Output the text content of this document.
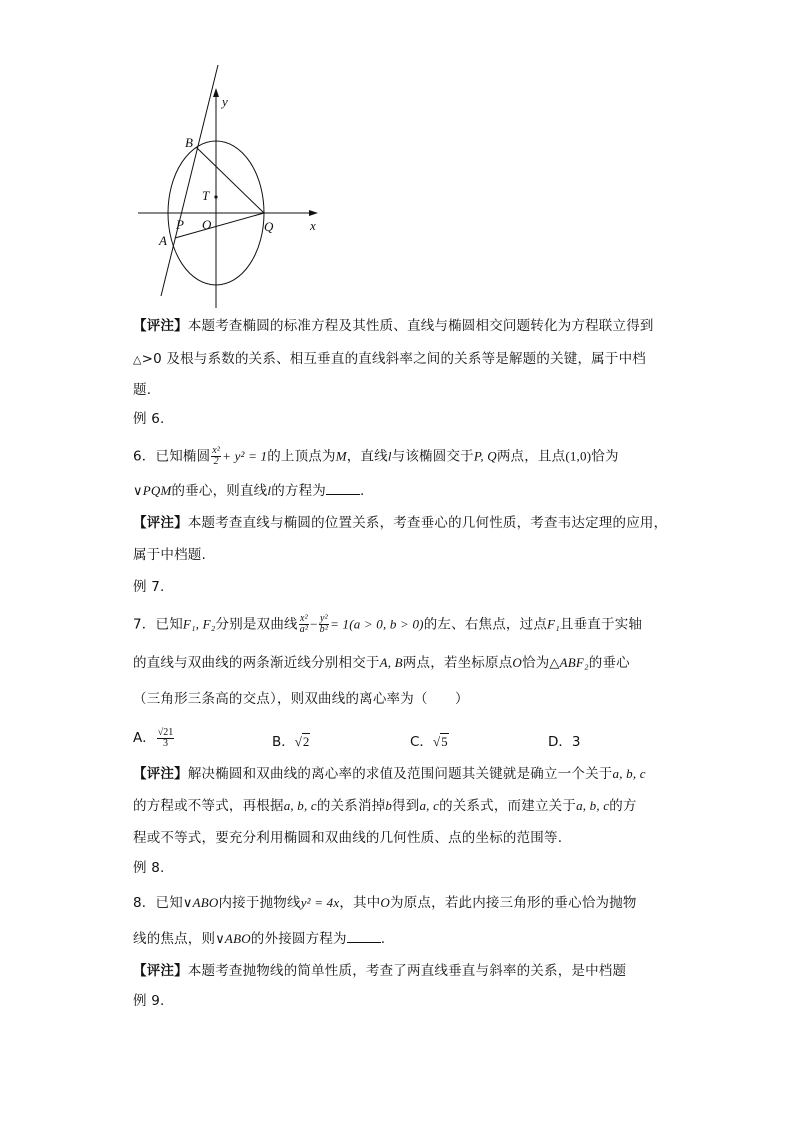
y
x
B
T
P O	Q
A
【评注】本题考查椭圆的标准方程及其性质、直线与椭圆相交问题转化为方程联立得到
△>0 及根与系数的关系、相互垂直的直线斜率之间的关系等是解题的关键，属于中档
题.
例 6.
6．已知椭圆 $\frac{\text{x²}}{2} + y^2 = 1$的上顶点为M，直线l与该椭圆交于P, Q两点，且点(1,0)恰为
∨PQM的垂心，则直线l的方程为	.
【评注】本题考查直线与椭圆的位置关系，考查垂心的几何性质，考查韦达定理的应用，
属于中档题.
例 7.
7．已知F₁, F₂分别是双曲线 $\frac{\text{x²}}{\text{a²}} - \frac{\text{y²}}{\text{b²}} = 1(a > 0$, b > 0)的左、右焦点，过点F₁且垂直于实轴
的直线与双曲线的两条渐近线分别相交于A, B两点，若坐标原点O恰为△ABF₂的垂心
（三角形三条高的交点），则双曲线的离心率为（　　）
A． $\frac{√21}{3}$	B．√2	C．√5	D．3
【评注】解决椭圆和双曲线的离心率的求值及范围问题其关键就是确立一个关于a, b, c
的方程或不等式，再根据a, b, c的关系消掉b得到a, c的关系式，而建立关于a, b, c的方
程或不等式，要充分利用椭圆和双曲线的几何性质、点的坐标的范围等.
例 8.
8．已知∨ABO内接于抛物线y² = 4x，其中O为原点，若此内接三角形的垂心恰为抛物
线的焦点，则∨ABO的外接圆方程为	.
【评注】本题考查抛物线的简单性质，考查了两直线垂直与斜率的关系，是中档题
例 9.
